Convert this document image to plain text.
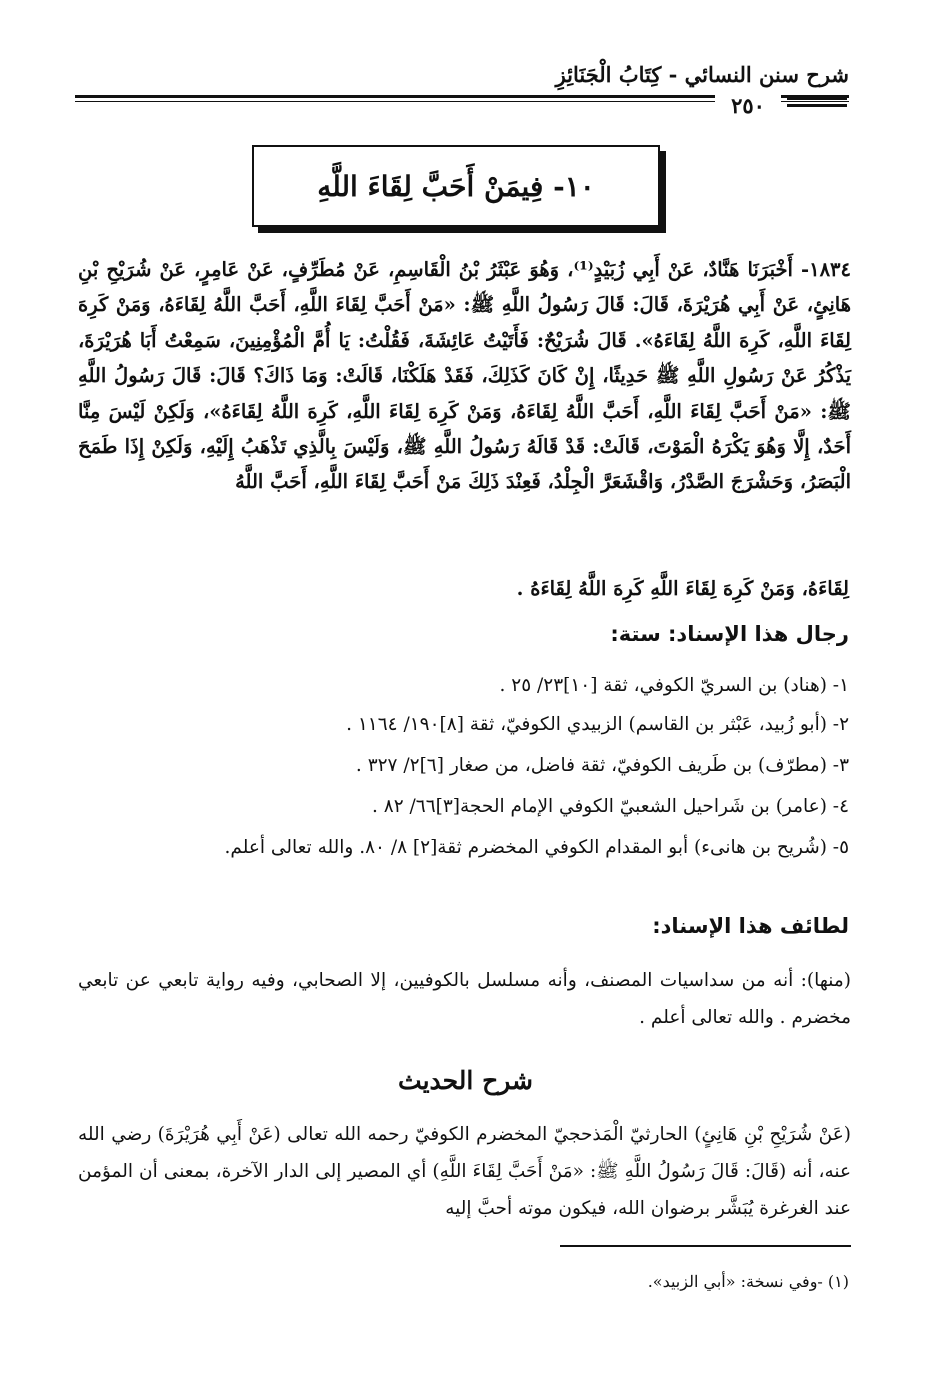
شرح سنن النسائي - كِتَابُ الْجَنَائِزِ
٢٥٠
١٠- فِيمَنْ أَحَبَّ لِقَاءَ اللَّهِ
١٨٣٤- أَخْبَرَنَا هَنَّادٌ، عَنْ أَبِي زُبَيْدٍ⁽¹⁾، وَهُوَ عَبْثَرُ بْنُ الْقَاسِمِ، عَنْ مُطَرِّفٍ، عَنْ عَامِرٍ، عَنْ شُرَيْحِ بْنِ هَانِئٍ، عَنْ أَبِي هُرَيْرَةَ، قَالَ: قَالَ رَسُولُ اللَّهِ ﷺ: «مَنْ أَحَبَّ لِقَاءَ اللَّهِ، أَحَبَّ اللَّهُ لِقَاءَهُ، وَمَنْ كَرِهَ لِقَاءَ اللَّهِ، كَرِهَ اللَّهُ لِقَاءَهُ». قَالَ شُرَيْحٌ: فَأَتَيْتُ عَائِشَةَ، فَقُلْتُ: يَا أُمَّ الْمُؤْمِنِينَ، سَمِعْتُ أَبَا هُرَيْرَةَ، يَذْكُرُ عَنْ رَسُولِ اللَّهِ ﷺ حَدِيثًا، إِنْ كَانَ كَذَلِكَ، فَقَدْ هَلَكْنَا، قَالَتْ: وَمَا ذَاكَ؟ قَالَ: قَالَ رَسُولُ اللَّهِ ﷺ: «مَنْ أَحَبَّ لِقَاءَ اللَّهِ، أَحَبَّ اللَّهُ لِقَاءَهُ، وَمَنْ كَرِهَ لِقَاءَ اللَّهِ، كَرِهَ اللَّهُ لِقَاءَهُ»، وَلَكِنْ لَيْسَ مِنَّا أَحَدٌ، إِلَّا وَهُوَ يَكْرَهُ الْمَوْتَ، قَالَتْ: قَدْ قَالَهُ رَسُولُ اللَّهِ ﷺ، وَلَيْسَ بِالَّذِي تَذْهَبُ إِلَيْهِ، وَلَكِنْ إِذَا طَمَحَ الْبَصَرُ، وَحَشْرَجَ الصَّدْرُ، وَاقْشَعَرَّ الْجِلْدُ، فَعِنْدَ ذَلِكَ مَنْ أَحَبَّ لِقَاءَ اللَّهِ، أَحَبَّ اللَّهُ
لِقَاءَهُ، وَمَنْ كَرِهَ لِقَاءَ اللَّهِ كَرِهَ اللَّهُ لِقَاءَهُ .
رجال هذا الإسناد: ستة:
١- (هناد) بن السريّ الكوفي، ثقة [١٠]٢٣/ ٢٥ .
٢- (أبو زُبيد، عَبْثر بن القاسم) الزبيدي الكوفيّ، ثقة [٨]١٩٠/ ١١٦٤ .
٣- (مطرّف) بن طَريف الكوفيّ، ثقة فاضل، من صغار [٦]٢/ ٣٢٧ .
٤- (عامر) بن شَراحيل الشعبيّ الكوفي الإمام الحجة[٣]٦٦/ ٨٢ .
٥- (شُريح بن هانىء) أبو المقدام الكوفي المخضرم ثقة[٢] ٨/ ٨٠. والله تعالى أعلم.
لطائف هذا الإسناد:
(منها): أنه من سداسيات المصنف، وأنه مسلسل بالكوفيين، إلا الصحابي، وفيه رواية تابعي عن تابعي مخضرم . والله تعالى أعلم .
شرح الحديث
(عَنْ شُرَيْحِ بْنِ هَانِئٍ) الحارثيّ الْمَذحجيّ المخضرم الكوفيّ رحمه الله تعالى (عَنْ أَبِي هُرَيْرَةَ) رضي الله عنه، أنه (قَالَ: قَالَ رَسُولُ اللَّهِ ﷺ: «مَنْ أَحَبَّ لِقَاءَ اللَّهِ) أي المصير إلى الدار الآخرة، بمعنى أن المؤمن عند الغرغرة يُبَشَّر برضوان الله، فيكون موته أحبَّ إليه
(١) -وفي نسخة: «أبي الزبيد».
